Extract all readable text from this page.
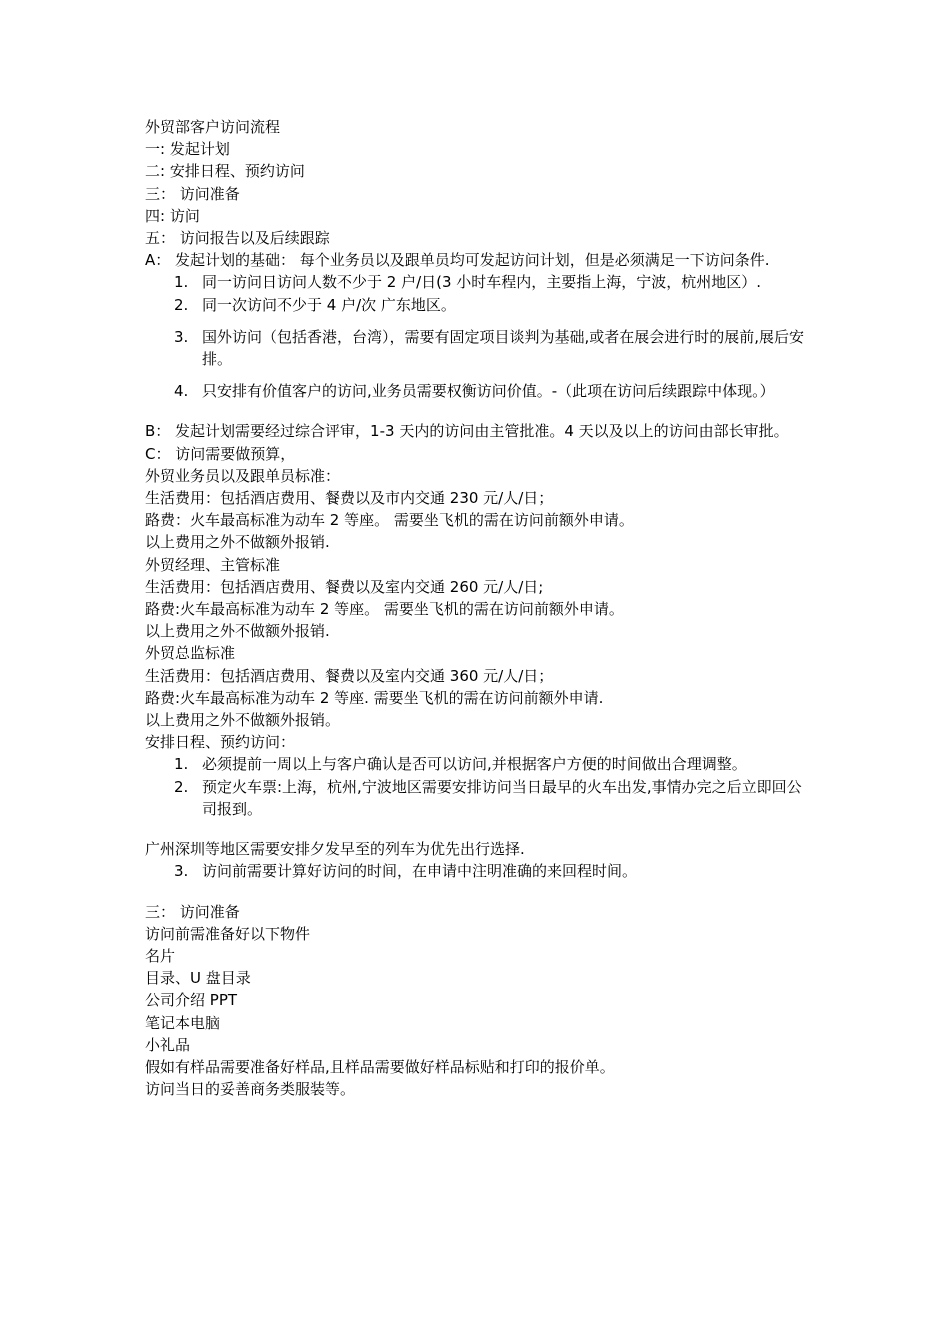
外贸部客户访问流程
一: 发起计划
二: 安排日程、预约访问
三： 访问准备
四: 访问
五： 访问报告以及后续跟踪
A： 发起计划的基础： 每个业务员以及跟单员均可发起访问计划，但是必须满足一下访问条件.
1. 同一访问日访问人数不少于 2 户/日(3 小时车程内，主要指上海，宁波，杭州地区）.
2. 同一次访问不少于 4 户/次 广东地区。
3. 国外访问（包括香港，台湾），需要有固定项目谈判为基础,或者在展会进行时的展前,展后安排。
4. 只安排有价值客户的访问,业务员需要权衡访问价值。-（此项在访问后续跟踪中体现。）
B： 发起计划需要经过综合评审，1-3 天内的访问由主管批准。4 天以及以上的访问由部长审批。
C： 访问需要做预算，
外贸业务员以及跟单员标准：
生活费用：包括酒店费用、餐费以及市内交通 230 元/人/日；
路费：火车最高标准为动车 2 等座。 需要坐飞机的需在访问前额外申请。
以上费用之外不做额外报销.
外贸经理、主管标准
生活费用：包括酒店费用、餐费以及室内交通 260 元/人/日;
路费:火车最高标准为动车 2 等座。 需要坐飞机的需在访问前额外申请。
以上费用之外不做额外报销.
外贸总监标准
生活费用：包括酒店费用、餐费以及室内交通 360 元/人/日；
路费:火车最高标准为动车 2 等座. 需要坐飞机的需在访问前额外申请.
以上费用之外不做额外报销。
安排日程、预约访问：
1. 必须提前一周以上与客户确认是否可以访问,并根据客户方便的时间做出合理调整。
2. 预定火车票:上海，杭州,宁波地区需要安排访问当日最早的火车出发,事情办完之后立即回公司报到。
广州深圳等地区需要安排夕发早至的列车为优先出行选择.
3. 访问前需要计算好访问的时间，在申请中注明准确的来回程时间。
三： 访问准备
访问前需准备好以下物件
名片
目录、U 盘目录
公司介绍 PPT
笔记本电脑
小礼品
假如有样品需要准备好样品,且样品需要做好样品标贴和打印的报价单。
访问当日的妥善商务类服装等。
